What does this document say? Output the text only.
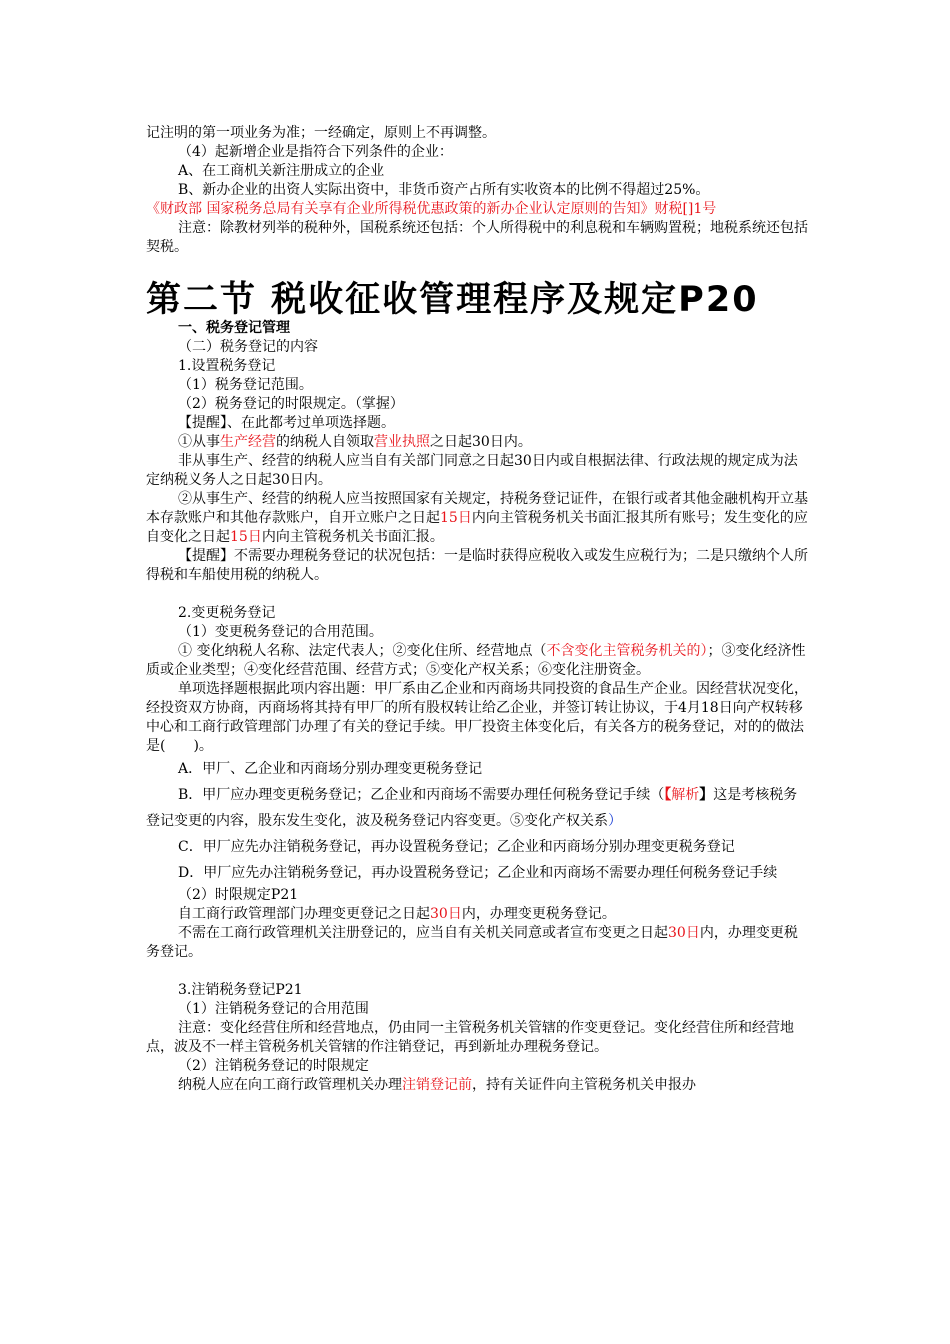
记注明的第一项业务为准；一经确定，原则上不再调整。

（4）起新增企业是指符合下列条件的企业：

A、在工商机关新注册成立的企业

B、新办企业的出资人实际出资中，非货币资产占所有实收资本的比例不得超过25%。

《财政部 国家税务总局有关享有企业所得税优惠政策的新办企业认定原则的告知》财税[]1号

注意：除教材列举的税种外，国税系统还包括：个人所得税中的利息税和车辆购置税；地税系统还包括契税。

第二节 税收征收管理程序及规定P20

一、税务登记管理

（二）税务登记的内容

1.设置税务登记

（1）税务登记范围。

（2）税务登记的时限规定。（掌握）

【提醒】、在此都考过单项选择题。

①从事生产经营的纳税人自领取营业执照之日起30日内。

非从事生产、经营的纳税人应当自有关部门同意之日起30日内或自根据法律、行政法规的规定成为法定纳税义务人之日起30日内。

②从事生产、经营的纳税人应当按照国家有关规定，持税务登记证件，在银行或者其他金融机构开立基本存款账户和其他存款账户，自开立账户之日起15日内向主管税务机关书面汇报其所有账号；发生变化的应自变化之日起15日内向主管税务机关书面汇报。

【提醒】不需要办理税务登记的状况包括：一是临时获得应税收入或发生应税行为；二是只缴纳个人所得税和车船使用税的纳税人。

2.变更税务登记

（1）变更税务登记的合用范围。

① 变化纳税人名称、法定代表人；②变化住所、经营地点（不含变化主管税务机关的）；③变化经济性质或企业类型；④变化经营范围、经营方式；⑤变化产权关系；⑥变化注册资金。

单项选择题根据此项内容出题：甲厂系由乙企业和丙商场共同投资的食品生产企业。因经营状况变化，经投资双方协商，丙商场将其持有甲厂的所有股权转让给乙企业，并签订转让协议，于4月18日向产权转移中心和工商行政管理部门办理了有关的登记手续。甲厂投资主体变化后，有关各方的税务登记，对的的做法是(　　)。

A．甲厂、乙企业和丙商场分别办理变更税务登记

B．甲厂应办理变更税务登记；乙企业和丙商场不需要办理任何税务登记手续（【解析】这是考核税务登记变更的内容，股东发生变化，波及税务登记内容变更。⑤变化产权关系）

C．甲厂应先办注销税务登记，再办设置税务登记；乙企业和丙商场分别办理变更税务登记

D．甲厂应先办注销税务登记，再办设置税务登记；乙企业和丙商场不需要办理任何税务登记手续

（2）时限规定P21

自工商行政管理部门办理变更登记之日起30日内，办理变更税务登记。

不需在工商行政管理机关注册登记的，应当自有关机关同意或者宣布变更之日起30日内，办理变更税务登记。

3.注销税务登记P21

（1）注销税务登记的合用范围

注意：变化经营住所和经营地点，仍由同一主管税务机关管辖的作变更登记。变化经营住所和经营地点，波及不一样主管税务机关管辖的作注销登记，再到新址办理税务登记。

（2）注销税务登记的时限规定

纳税人应在向工商行政管理机关办理注销登记前，持有关证件向主管税务机关申报办
